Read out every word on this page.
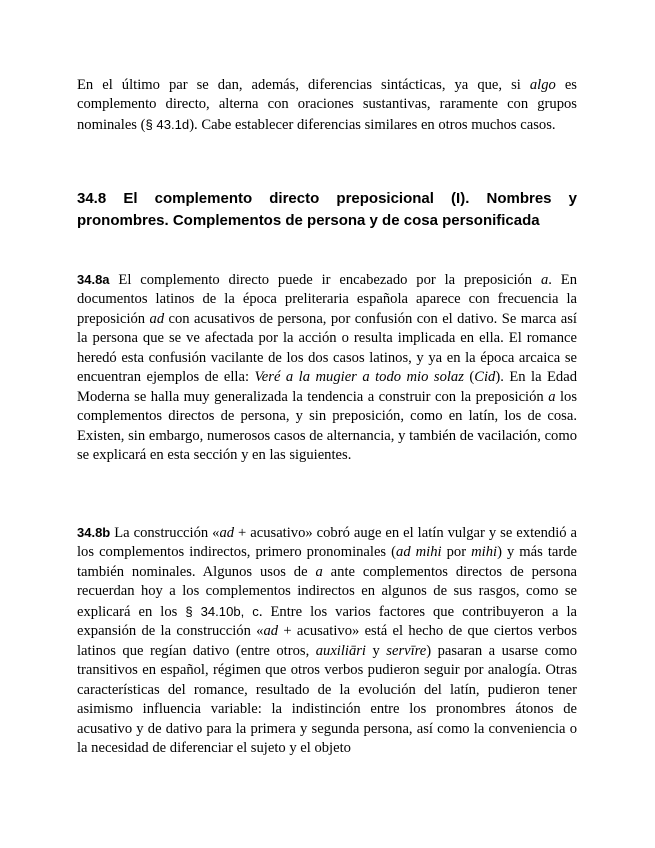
En el último par se dan, además, diferencias sintácticas, ya que, si algo es complemento directo, alterna con oraciones sustantivas, raramente con grupos nominales (§ 43.1d). Cabe establecer diferencias similares en otros muchos casos.

34.8 El complemento directo preposicional (I). Nombres y pronombres. Complementos de persona y de cosa personificada

34.8a El complemento directo puede ir encabezado por la preposición a. En documentos latinos de la época preliteraria española aparece con frecuencia la preposición ad con acusativos de persona, por confusión con el dativo. Se marca así la persona que se ve afectada por la acción o resulta implicada en ella. El romance heredó esta confusión vacilante de los dos casos latinos, y ya en la época arcaica se encuentran ejemplos de ella: Veré a la mugier a todo mio solaz (Cid). En la Edad Moderna se halla muy generalizada la tendencia a construir con la preposición a los complementos directos de persona, y sin preposición, como en latín, los de cosa. Existen, sin embargo, numerosos casos de alternancia, y también de vacilación, como se explicará en esta sección y en las siguientes.

34.8b La construcción «ad + acusativo» cobró auge en el latín vulgar y se extendió a los complementos indirectos, primero pronominales (ad mihi por mihi) y más tarde también nominales. Algunos usos de a ante complementos directos de persona recuerdan hoy a los complementos indirectos en algunos de sus rasgos, como se explicará en los § 34.10b, c. Entre los varios factores que contribuyeron a la expansión de la construcción «ad + acusativo» está el hecho de que ciertos verbos latinos que regían dativo (entre otros, auxiliāri y servīre) pasaran a usarse como transitivos en español, régimen que otros verbos pudieron seguir por analogía. Otras características del romance, resultado de la evolución del latín, pudieron tener asimismo influencia variable: la indistinción entre los pronombres átonos de acusativo y de dativo para la primera y segunda persona, así como la conveniencia o la necesidad de diferenciar el sujeto y el objeto
